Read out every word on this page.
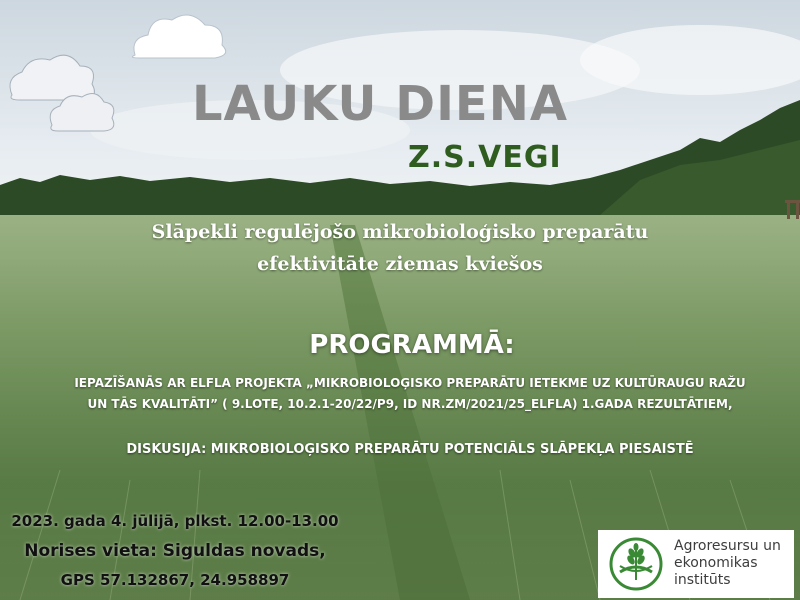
LAUKU DIENA
Z.S.VEGI
Slāpekli regulējošo mikrobioloģisko preparātu
efektivitāte ziemas kviešos
PROGRAMMĀ:
IEPAZĪŠANĀS AR ELFLA PROJEKTA „MIKROBIOLOĢISKO PREPARĀTU IETEKME UZ KULTŪRAUGU RAŽU
UN TĀS KVALITĀTI” ( 9.LOTE, 10.2.1-20/22/P9, ID NR.ZM/2021/25_ELFLA) 1.GADA REZULTĀTIEM,
DISKUSIJA: MIKROBIOLOĢISKO PREPARĀTU POTENCIĀLS SLĀPEKĻA PIESAISTĒ
2023. gada 4. jūlijā, plkst. 12.00-13.00
Norises vieta: Siguldas novads,
GPS 57.132867, 24.958897
Agroresursu un
ekonomikas
institūts
